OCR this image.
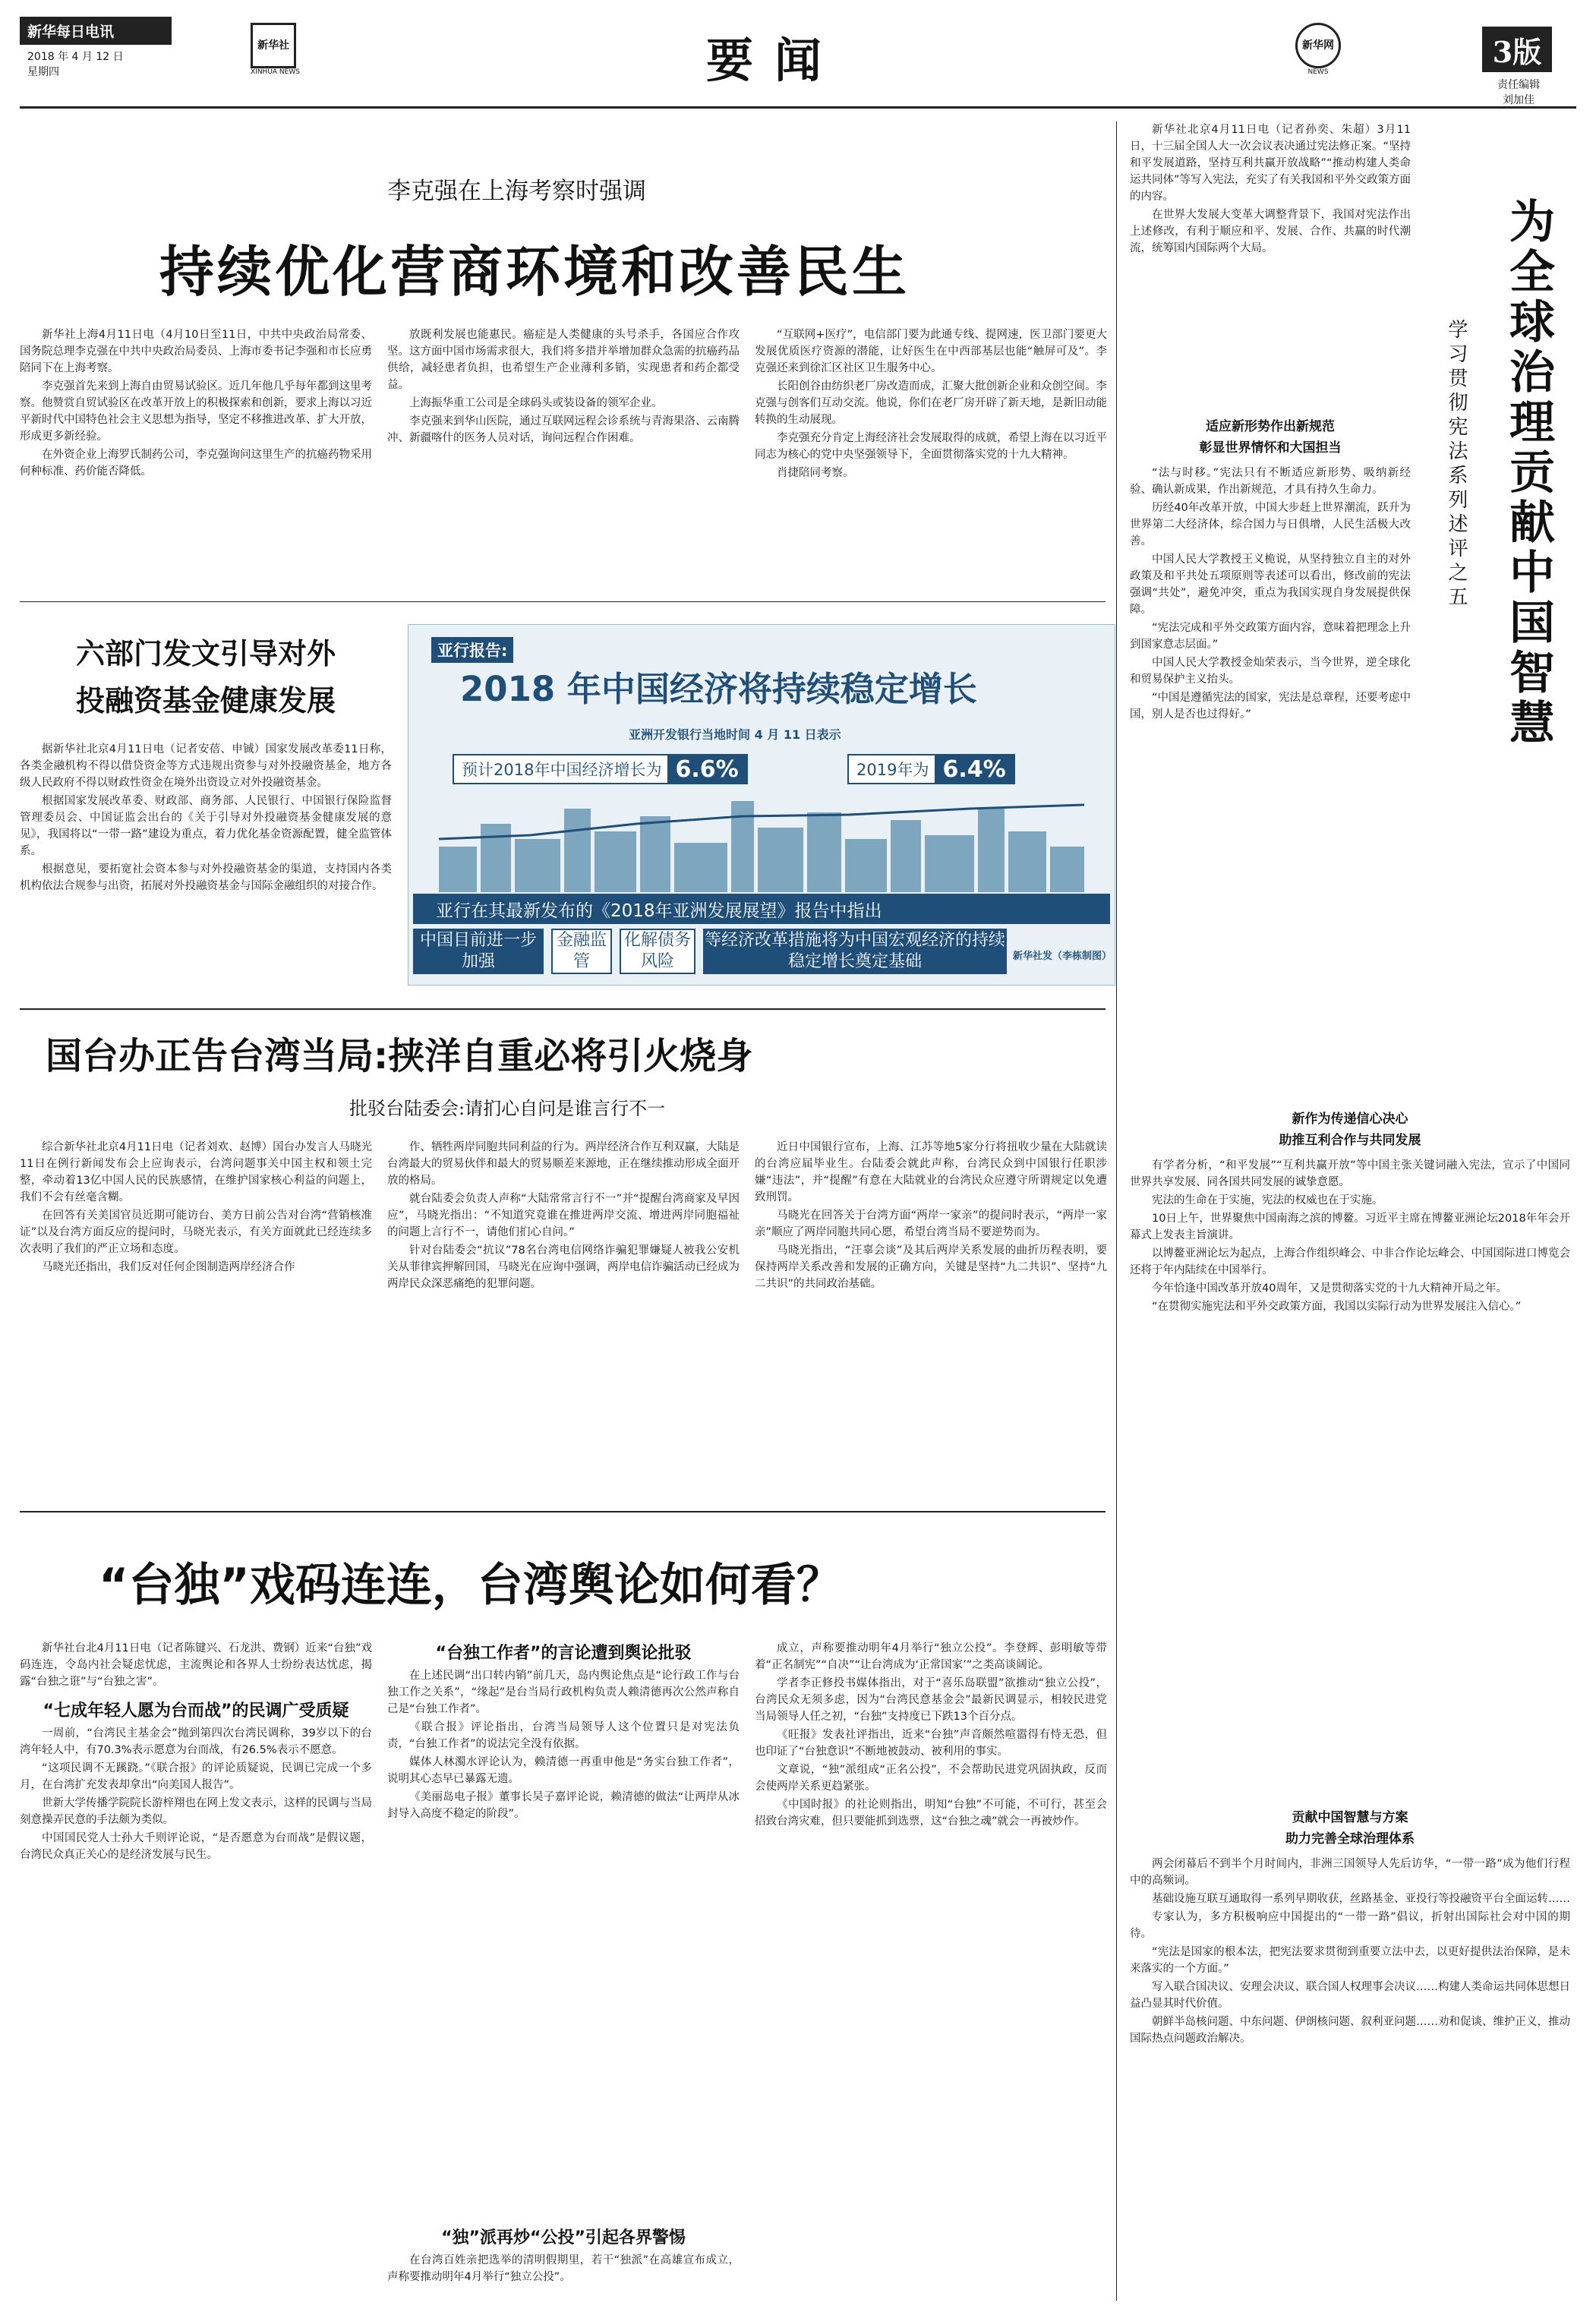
新华每日电讯
2018 年 4 月 12 日
星期四
新华社
XINHUA NEWS	要闻	新华网
NEWS
3版
责任编辑
刘加佳
李克强在上海考察时强调
持续优化营商环境和改善民生

新华社上海4月11日电（4月10日至11日，中共中央政治局常委、国务院总理李克强在中共中央政治局委员、上海市委书记李强和市长应勇陪同下在上海考察。

李克强首先来到上海自由贸易试验区。近几年他几乎每年都到这里考察。他赞赏自贸试验区在改革开放上的积极探索和创新，要求上海以习近平新时代中国特色社会主义思想为指导，坚定不移推进改革、扩大开放，形成更多新经验。

在外资企业上海罗氏制药公司，李克强询问这里生产的抗癌药物采用何种标准、药价能否降低。

放既利发展也能惠民。癌症是人类健康的头号杀手，各国应合作攻坚。这方面中国市场需求很大，我们将多措并举增加群众急需的抗癌药品供给，减轻患者负担，也希望生产企业薄利多销，实现患者和药企都受益。

上海振华重工公司是全球码头或装设备的领军企业。

李克强来到华山医院，通过互联网远程会诊系统与青海果洛、云南腾冲、新疆喀什的医务人员对话，询问远程合作困难。

“互联网+医疗”，电信部门要为此通专线、提网速，医卫部门要更大发展优质医疗资源的潜能，让好医生在中西部基层也能“触屏可及”。李克强还来到徐汇区社区卫生服务中心。

长阳创谷由纺织老厂房改造而成，汇聚大批创新企业和众创空间。李克强与创客们互动交流。他说，你们在老厂房开辟了新天地，是新旧动能转换的生动展现。

李克强充分肯定上海经济社会发展取得的成就，希望上海在以习近平同志为核心的党中央坚强领导下，全面贯彻落实党的十九大精神。

肖捷陪同考察。

六部门发文引导对外
投融资基金健康发展

据新华社北京4月11日电（记者安蓓、申铖）国家发展改革委11日称，各类金融机构不得以借贷资金等方式违规出资参与对外投融资基金，地方各级人民政府不得以财政性资金在境外出资设立对外投融资基金。

根据国家发展改革委、财政部、商务部、人民银行、中国银行保险监督管理委员会、中国证监会出台的《关于引导对外投融资基金健康发展的意见》，我国将以“一带一路”建设为重点，着力优化基金资源配置，健全监管体系。

根据意见，要拓宽社会资本参与对外投融资基金的渠道，支持国内各类机构依法合规参与出资，拓展对外投融资基金与国际金融组织的对接合作。

亚行报告:
2018 年中国经济将持续稳定增长
亚洲开发银行当地时间 4 月 11 日表示
预计2018年中国经济增长为 6.6%	2019年为 6.4%
亚行在其最新发布的《2018年亚洲发展展望》报告中指出
中国目前进一步加强
金融监管
化解债务风险
等经济改革措施将为中国宏观经济的持续稳定增长奠定基础	新华社发（李栋制图）
国台办正告台湾当局:挟洋自重必将引火烧身
批驳台陆委会:请扪心自问是谁言行不一

综合新华社北京4月11日电（记者刘欢、赵博）国台办发言人马晓光11日在例行新闻发布会上应询表示，台湾问题事关中国主权和领土完整，牵动着13亿中国人民的民族感情，在维护国家核心利益的问题上，我们不会有丝毫含糊。

在回答有关美国官员近期可能访台、美方日前公告对台湾“营销核准证”以及台湾方面反应的提问时，马晓光表示，有关方面就此已经连续多次表明了我们的严正立场和态度。

马晓光还指出，我们反对任何企图制造两岸经济合作

作、牺牲两岸同胞共同利益的行为。两岸经济合作互利双赢，大陆是台湾最大的贸易伙伴和最大的贸易顺差来源地，正在继续推动形成全面开放的格局。

就台陆委会负责人声称“大陆常常言行不一”并“提醒台湾商家及早因应”，马晓光指出：“不知道究竟谁在推进两岸交流、增进两岸同胞福祉的问题上言行不一，请他们扪心自问。”

针对台陆委会“抗议”78名台湾电信网络诈骗犯罪嫌疑人被我公安机关从菲律宾押解回国，马晓光在应询中强调，两岸电信诈骗活动已经成为两岸民众深恶痛绝的犯罪问题。

近日中国银行宣布，上海、江苏等地5家分行将扭收少量在大陆就读的台湾应届毕业生。台陆委会就此声称，台湾民众到中国银行任职涉嫌“违法”，并“提醒”有意在大陆就业的台湾民众应遵守所谓规定以免遭致刑罚。

马晓光在回答关于台湾方面“两岸一家亲”的提问时表示，“两岸一家亲”顺应了两岸同胞共同心愿，希望台湾当局不要逆势而为。

马晓光指出，“汪辜会谈”及其后两岸关系发展的曲折历程表明，要保持两岸关系改善和发展的正确方向，关键是坚持“九二共识”、坚持“九二共识”的共同政治基础。

“台独”戏码连连，台湾舆论如何看？

新华社台北4月11日电（记者陈键兴、石龙洪、费钢）近来“台独”戏码连连，令岛内社会疑虑忧虑，主流舆论和各界人士纷纷表达忧虑，揭露“台独之诳”与“台独之害”。

“七成年轻人愿为台而战”的民调广受质疑

一周前，“台湾民主基金会”抛到第四次台湾民调称，39岁以下的台湾年轻人中，有70.3%表示愿意为台而战，有26.5%表示不愿意。

“这项民调不无蹊跷。”《联合报》的评论质疑说，民调已完成一个多月，在台湾扩充发表却拿出“向美国人报告”。

世新大学传播学院院长游梓翔也在网上发文表示，这样的民调与当局刻意操弄民意的手法颇为类似。

中国国民党人士孙大千则评论说，“是否愿意为台而战”是假议题，台湾民众真正关心的是经济发展与民生。

“台独工作者”的言论遭到舆论批驳

在上述民调“出口转内销”前几天，岛内舆论焦点是“论行政工作与台独工作之关系”，“缘起”是台当局行政机构负责人赖清德再次公然声称自己是“台独工作者”。

《联合报》评论指出，台湾当局领导人这个位置只是对宪法负责，“台独工作者”的说法完全没有依据。

媒体人林濁水评论认为，赖清德一再重申他是“务实台独工作者”，说明其心态早已暴露无遗。

《美丽岛电子报》董事长吴子嘉评论说，赖清德的做法“让两岸从冰封导入高度不稳定的阶段”。

“独”派再炒“公投”引起各界警惕

在台湾百姓亲把选举的清明假期里，若干“独派”在高雄宣布成立，声称要推动明年4月举行“独立公投”。

成立，声称要推动明年4月举行“独立公投”。李登辉、彭明敏等带着“正名制宪”“自决”“让台湾成为‘正常国家’”之类高谈阔论。

学者李正修投书媒体指出，对于“喜乐岛联盟”欲推动“独立公投”，台湾民众无须多虑，因为“台湾民意基金会”最新民调显示，相较民进党当局领导人任之初，“台独”支持度已下跌13个百分点。

《旺报》发表社评指出，近来“台独”声音颇然喧嚣得有恃无恐，但也印证了“台独意识”不断地被鼓动、被利用的事实。

文章说，“独”派组成“正名公投”，不会帮助民进党巩固执政，反而会使两岸关系更趋紧张。

《中国时报》的社论则指出，明知“台独”不可能，不可行，甚至会招致台湾灾难，但只要能抓到选票，这“台独之魂”就会一再被炒作。

新华社北京4月11日电（记者孙奕、朱超）3月11日，十三届全国人大一次会议表决通过宪法修正案。“坚持和平发展道路，坚持互利共赢开放战略”“推动构建人类命运共同体”等写入宪法，充实了有关我国和平外交政策方面的内容。

在世界大发展大变革大调整背景下，我国对宪法作出上述修改，有利于顺应和平、发展、合作、共赢的时代潮流，统筹国内国际两个大局。	为全球治理贡献中国智慧
学习贯彻宪法系列述评之五
适应新形势作出新规范
彰显世界情怀和大国担当

“法与时移。”宪法只有不断适应新形势、吸纳新经验、确认新成果，作出新规范，才具有持久生命力。

历经40年改革开放，中国大步赶上世界潮流，跃升为世界第二大经济体，综合国力与日俱增，人民生活极大改善。

中国人民大学教授王义桅说，从坚持独立自主的对外政策及和平共处五项原则等表述可以看出，修改前的宪法强调“共处”，避免冲突，重点为我国实现自身发展提供保障。

“宪法完成和平外交政策方面内容，意味着把理念上升到国家意志层面。”

中国人民大学教授金灿荣表示，当今世界，逆全球化和贸易保护主义抬头。

“中国是遵循宪法的国家，宪法是总章程，还要考虑中国，别人是否也过得好。”

新作为传递信心决心
助推互利合作与共同发展

有学者分析，“和平发展”“互利共赢开放”等中国主张关键词融入宪法，宣示了中国同世界共享发展、同各国共同发展的诚挚意愿。

宪法的生命在于实施，宪法的权威也在于实施。

10日上午，世界聚焦中国南海之滨的博鳌。习近平主席在博鳌亚洲论坛2018年年会开幕式上发表主旨演讲。

以博鳌亚洲论坛为起点，上海合作组织峰会、中非合作论坛峰会、中国国际进口博览会还将于年内陆续在中国举行。

今年恰逢中国改革开放40周年，又是贯彻落实党的十九大精神开局之年。

“在贯彻实施宪法和平外交政策方面，我国以实际行动为世界发展注入信心。”

贡献中国智慧与方案
助力完善全球治理体系

两会闭幕后不到半个月时间内，非洲三国领导人先后访华，“一带一路”成为他们行程中的高频词。

基础设施互联互通取得一系列早期收获，丝路基金、亚投行等投融资平台全面运转……

专家认为，多方积极响应中国提出的“一带一路”倡议，折射出国际社会对中国的期待。

“宪法是国家的根本法，把宪法要求贯彻到重要立法中去，以更好提供法治保障，是未来落实的一个方面。”

写入联合国决议、安理会决议、联合国人权理事会决议……构建人类命运共同体思想日益凸显其时代价值。

朝鲜半岛核问题、中东问题、伊朗核问题、叙利亚问题……劝和促谈、维护正义，推动国际热点问题政治解决。
